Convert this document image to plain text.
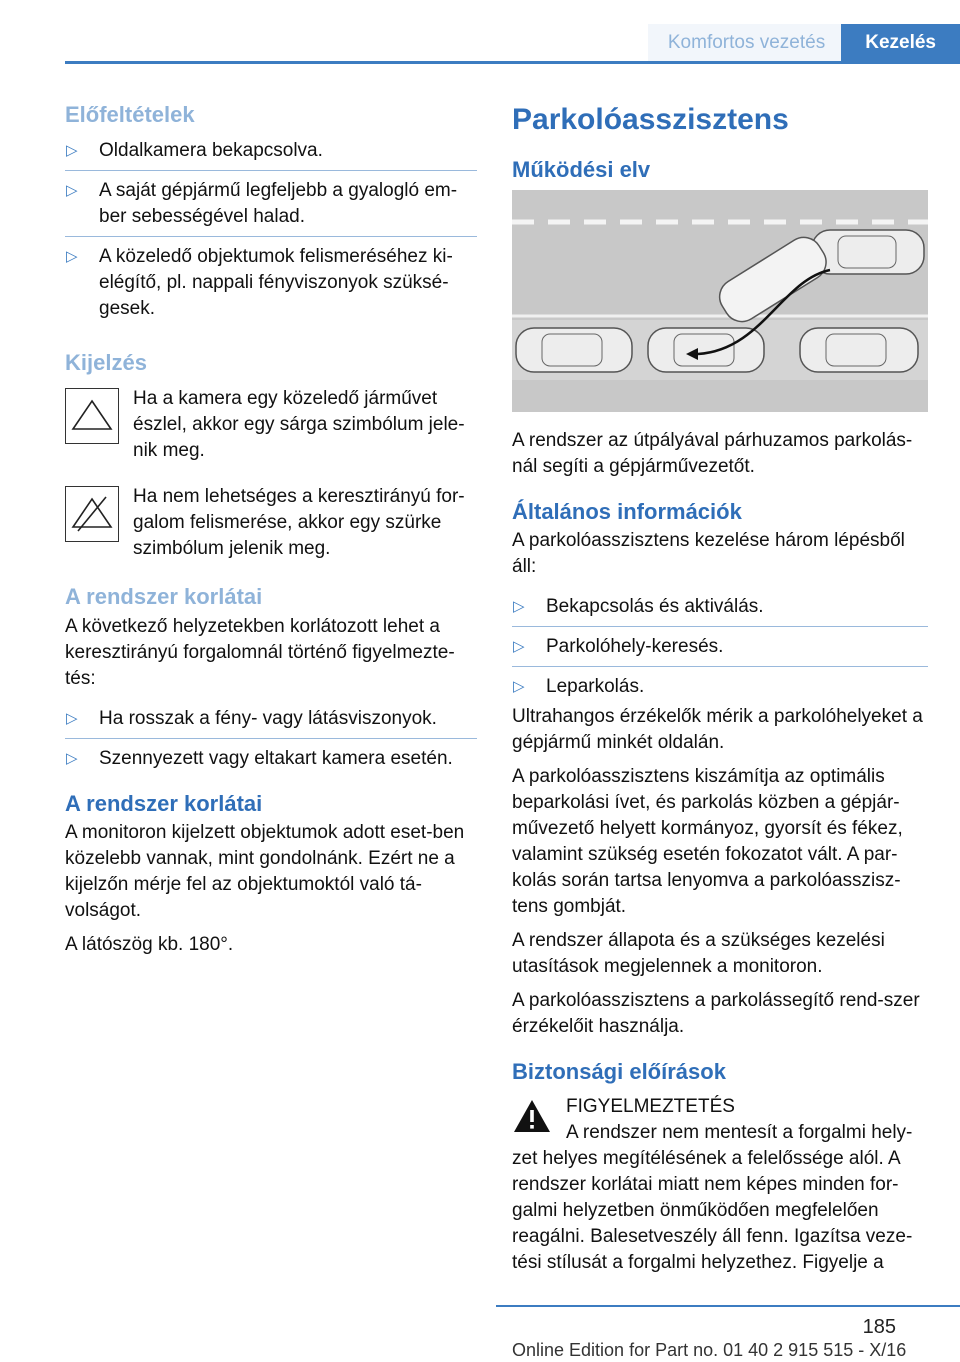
Komfortos vezetés	Kezelés
Előfeltételek
▷ Oldalkamera bekapcsolva.
▷ A saját gépjármű legfeljebb a gyalogló em-ber sebességével halad.
▷ A közeledő objektumok felismeréséhez ki-elégítő, pl. nappali fényviszonyok szüksé-gesek.
Kijelzés

Ha a kamera egy közeledő járművet észlel, akkor egy sárga szimbólum jele-nik meg.

Ha nem lehetséges a keresztirányú for-galom felismerése, akkor egy szürke szimbólum jelenik meg.

A rendszer korlátai

A következő helyzetekben korlátozott lehet a keresztirányú forgalomnál történő figyelmezte-tés:

▷ Ha rosszak a fény- vagy látásviszonyok.
▷ Szennyezett vagy eltakart kamera esetén.
A rendszer korlátai

A monitoron kijelzett objektumok adott eset-ben közelebb vannak, mint gondolnánk. Ezért ne a kijelzőn mérje fel az objektumoktól való tá-volságot.

A látószög kb. 180°.

Parkolóasszisztens
Működési elv

A rendszer az útpályával párhuzamos parkolás-nál segíti a gépjárművezetőt.

Általános információk

A parkolóasszisztens kezelése három lépésből áll:

▷ Bekapcsolás és aktiválás.
▷ Parkolóhely-keresés.
▷ Leparkolás.

Ultrahangos érzékelők mérik a parkolóhelyeket a gépjármű minkét oldalán.

A parkolóasszisztens kiszámítja az optimális beparkolási ívet, és parkolás közben a gépjár-művezető helyett kormányoz, gyorsít és fékez, valamint szükség esetén fokozatot vált. A par-kolás során tartsa lenyomva a parkolóasszisz-tens gombját.

A rendszer állapota és a szükséges kezelési utasítások megjelennek a monitoron.

A parkolóasszisztens a parkolássegítő rend-szer érzékelőit használja.

Biztonsági előírások

FIGYELMEZTETÉS

A rendszer nem mentesít a forgalmi hely-zet helyes megítélésének a felelőssége alól. A rendszer korlátai miatt nem képes minden for-galmi helyzetben önműködően megfelelően reagálni. Balesetveszély áll fenn. Igazítsa veze-tési stílusát a forgalmi helyzethez. Figyelje a

185
Online Edition for Part no. 01 40 2 915 515 - X/16
